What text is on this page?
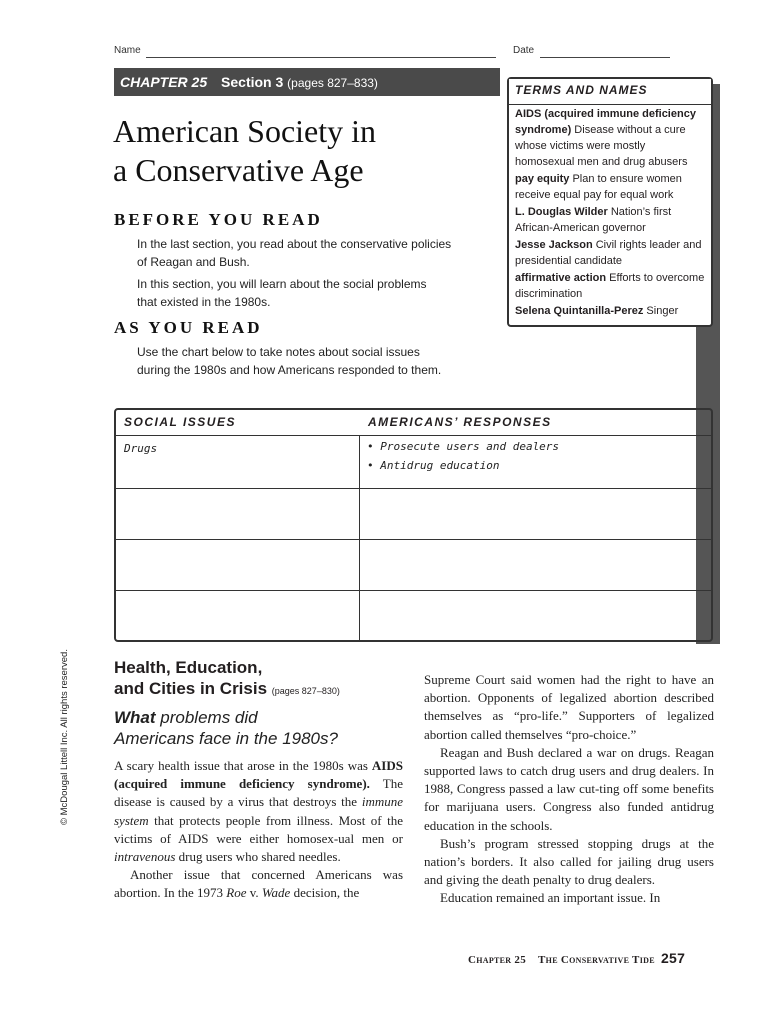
Name	Date
CHAPTER 25 Section 3 (pages 827–833)
American Society in
a Conservative Age
BEFORE YOU READ
In the last section, you read about the conservative policies
of Reagan and Bush.
In this section, you will learn about the social problems
that existed in the 1980s.
AS YOU READ
Use the chart below to take notes about social issues
during the 1980s and how Americans responded to them.
TERMS AND NAMES
AIDS (acquired immune deficiency syndrome) Disease without a cure whose victims were mostly homosexual men and drug abusers
pay equity Plan to ensure women receive equal pay for equal work
L. Douglas Wilder Nation’s first African-American governor
Jesse Jackson Civil rights leader and presidential candidate
affirmative action Efforts to overcome discrimination
Selena Quintanilla-Perez Singer
SOCIAL ISSUES	AMERICANS’ RESPONSES
Drugs	• Prosecute users and dealers
• Antidrug education
© McDougal Littell Inc. All rights reserved.	Health, Education,
and Cities in Crisis (pages 827–830)
What problems did
Americans face in the 1980s?

A scary health issue that arose in the 1980s was AIDS (acquired immune deficiency syndrome). The disease is caused by a virus that destroys the immune system that protects people from illness. Most of the victims of AIDS were either homosex-ual men or intravenous drug users who shared needles.

Another issue that concerned Americans was abortion. In the 1973 Roe v. Wade decision, the

Supreme Court said women had the right to have an abortion. Opponents of legalized abortion described themselves as “pro-life.” Supporters of legalized abortion called themselves “pro-choice.”

Reagan and Bush declared a war on drugs. Reagan supported laws to catch drug users and drug dealers. In 1988, Congress passed a law cut-ting off some benefits for marijuana users. Congress also funded antidrug education in the schools.

Bush’s program stressed stopping drugs at the nation’s borders. It also called for jailing drug users and giving the death penalty to drug dealers.

Education remained an important issue. In

Chapter 25 The Conservative Tide 257
